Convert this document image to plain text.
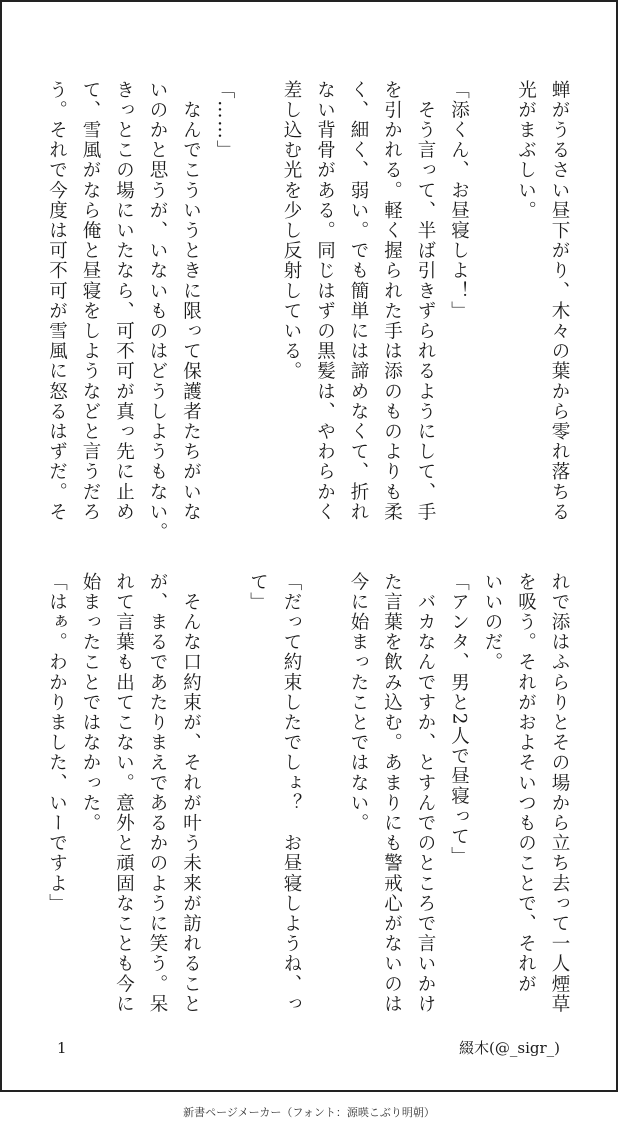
蝉がうるさい昼下がり、木々の葉から零れ落ちる
光がまぶしい。

「添くん、お昼寝しよ！」
　そう言って、半ば引きずられるようにして、手
を引かれる。軽く握られた手は添のものよりも柔
く、細く、弱い。でも簡単には諦めなくて、折れ
ない背骨がある。同じはずの黒髪は、やわらかく
差し込む光を少し反射している。

「……」
　なんでこういうときに限って保護者たちがいな
いのかと思うが、いないものはどうしようもない。
きっとこの場にいたなら、可不可が真っ先に止め
て、雪風がなら俺と昼寝をしようなどと言うだろ
う。それで今度は可不可が雪風に怒るはずだ。そ
れで添はふらりとその場から立ち去って一人煙草
を吸う。それがおよそいつものことで、それが
いいのだ。
「アンタ、男と2人で昼寝って」
　バカなんですか、とすんでのところで言いかけ
た言葉を飲み込む。あまりにも警戒心がないのは
今に始まったことではない。

「だって約束したでしょ？　お昼寝しようね、っ
て」

　そんな口約束が、それが叶う未来が訪れること
が、まるであたりまえであるかのように笑う。呆
れて言葉も出てこない。意外と頑固なことも今に
始まったことではなかった。
「はぁ。わかりました、いーですよ」
1	綴木(@_sigr_)
新書ページメーカー（フォント：源暎こぶり明朝）
